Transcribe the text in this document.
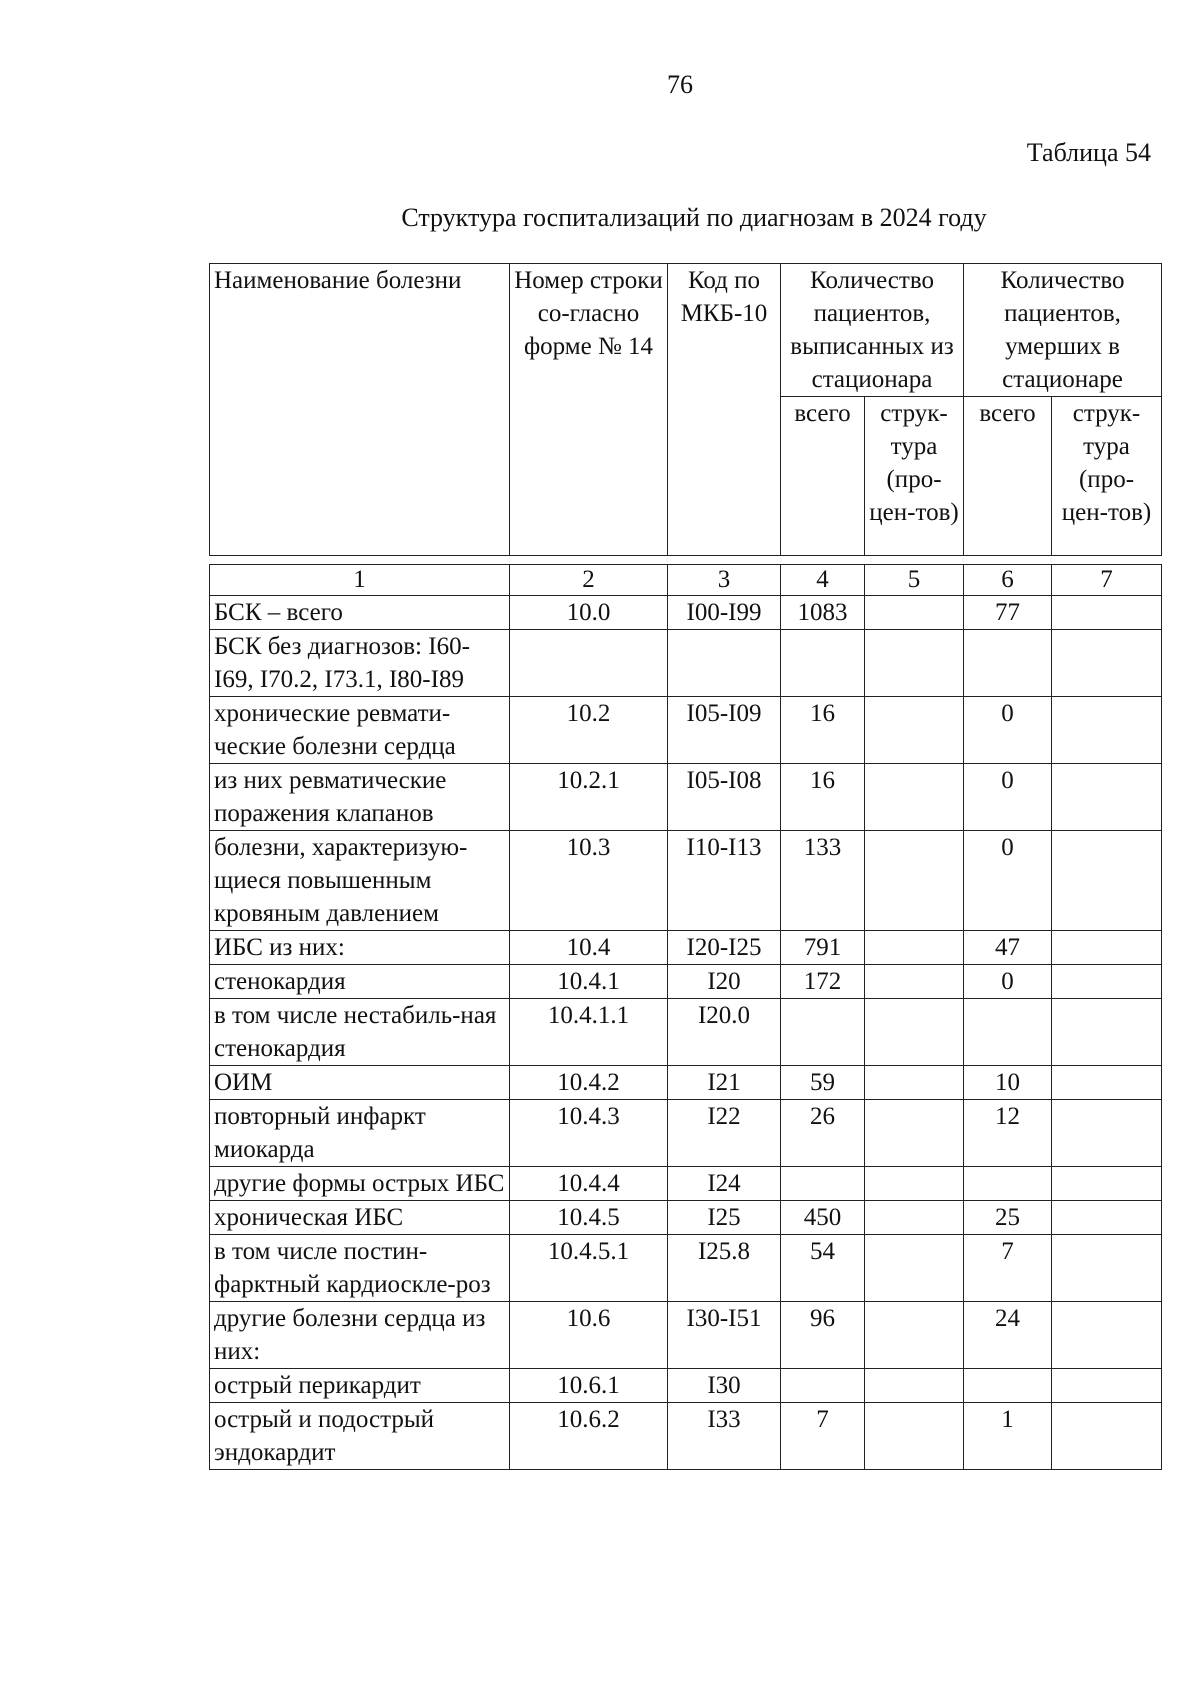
76
Таблица 54
Структура госпитализаций по диагнозам в 2024 году
Наименование болезни	Номер строки со-гласно форме № 14	Код по МКБ-10	Количество пациентов, выписанных из стационара		Количество пациентов, умерших в стационаре	
			всего	струк-тура (про-цен-тов)	всего	струк-тура (про-цен-тов)
1	2	3	4	5	6	7
БСК – всего	10.0	I00-I99	1083		77	
БСК без диагнозов: I60-I69, I70.2, I73.1, I80-I89						
хронические ревмати-ческие болезни сердца	10.2	I05-I09	16		0	
из них ревматические поражения клапанов	10.2.1	I05-I08	16		0	
болезни, характеризую-щиеся повышенным кровяным давлением	10.3	I10-I13	133		0	
ИБС из них:	10.4	I20-I25	791		47	
стенокардия	10.4.1	I20	172		0	
в том числе нестабиль-ная стенокардия	10.4.1.1	I20.0				
ОИМ	10.4.2	I21	59		10	
повторный инфаркт миокарда	10.4.3	I22	26		12	
другие формы острых ИБС	10.4.4	I24				
хроническая ИБС	10.4.5	I25	450		25	
в том числе постин-фарктный кардиоскле-роз	10.4.5.1	I25.8	54		7	
другие болезни сердца из них:	10.6	I30-I51	96		24	
острый перикардит	10.6.1	I30				
острый и подострый эндокардит	10.6.2	I33	7		1	
